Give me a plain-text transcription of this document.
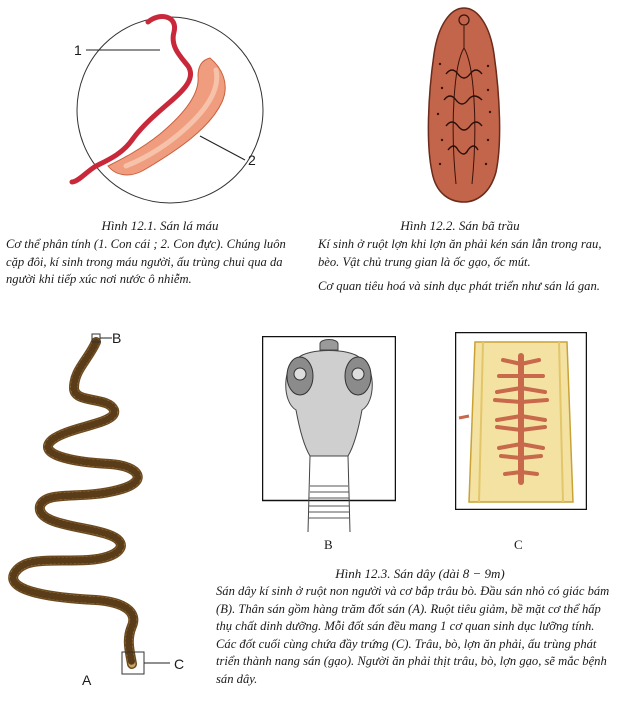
1
2
Hình 12.1. Sán lá máu
Cơ thể phân tính (1. Con cái ; 2. Con đực). Chúng luôn cặp đôi, kí sinh trong máu người, ấu trùng chui qua da người khi tiếp xúc nơi nước ô nhiễm.
Hình 12.2. Sán bã trầu
Kí sinh ở ruột lợn khi lợn ăn phải kén sán lẫn trong rau, bèo. Vật chủ trung gian là ốc gạo, ốc mút.
Cơ quan tiêu hoá và sinh dục phát triển như sán lá gan.
B
C
A
B	C
Hình 12.3. Sán dây (dài 8 − 9m)
Sán dây kí sinh ở ruột non người và cơ bắp trâu bò. Đầu sán nhỏ có giác bám (B). Thân sán gồm hàng trăm đốt sán (A). Ruột tiêu giảm, bề mặt cơ thể hấp thụ chất dinh dưỡng. Mỗi đốt sán đều mang 1 cơ quan sinh dục lưỡng tính. Các đốt cuối cùng chứa đầy trứng (C). Trâu, bò, lợn ăn phải, ấu trùng phát triển thành nang sán (gạo). Người ăn phải thịt trâu, bò, lợn gạo, sẽ mắc bệnh sán dây.
